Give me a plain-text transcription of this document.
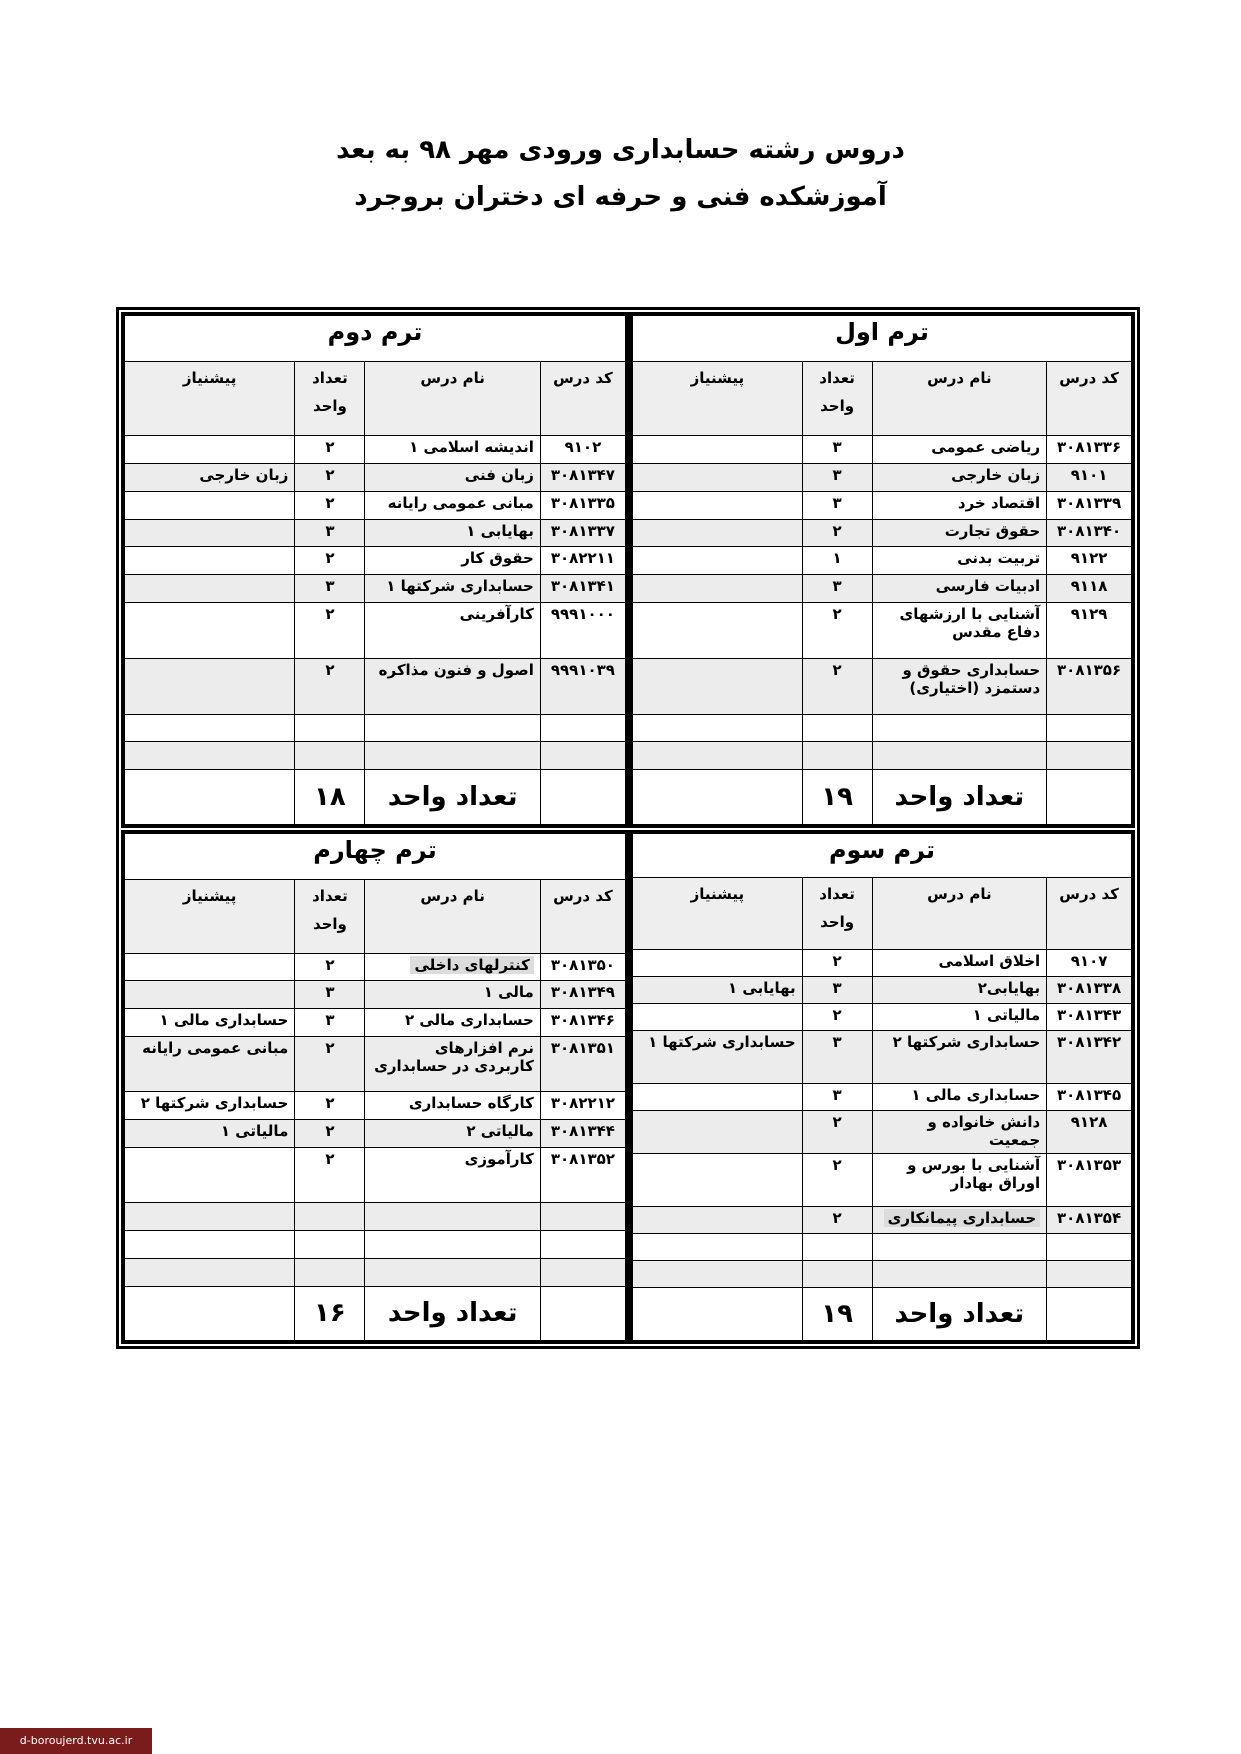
دروس رشته حسابداری ورودی مهر ۹۸ به بعد
آموزشکده فنی و حرفه ای دختران بروجرد
ترم اول			
کد درس	نام درس	تعداد واحد	پیشنیاز
۳۰۸۱۳۳۶	ریاضی عمومی	۳	
۹۱۰۱	زبان خارجی	۳	
۳۰۸۱۳۳۹	اقتصاد خرد	۳	
۳۰۸۱۳۴۰	حقوق تجارت	۲	
۹۱۲۲	تربیت بدنی	۱	
۹۱۱۸	ادبیات فارسی	۳	
۹۱۲۹	آشنایی با ارزشهای دفاع مقدس	۲	
۳۰۸۱۳۵۶	حسابداری حقوق و دستمزد (اختیاری)	۲	

	تعداد واحد	۱۹	
ترم دوم			
کد درس	نام درس	تعداد واحد	پیشنیاز
۹۱۰۲	اندیشه اسلامی ۱	۲	
۳۰۸۱۳۴۷	زبان فنی	۲	زبان خارجی
۳۰۸۱۳۳۵	مبانی عمومی رایانه	۲	
۳۰۸۱۳۳۷	بهایابی ۱	۳	
۳۰۸۲۲۱۱	حقوق کار	۲	
۳۰۸۱۳۴۱	حسابداری شرکتها ۱	۳	
۹۹۹۱۰۰۰	کارآفرینی	۲	
۹۹۹۱۰۳۹	اصول و فنون مذاکره	۲	

	تعداد واحد	۱۸	
ترم سوم			
کد درس	نام درس	تعداد واحد	پیشنیاز
۹۱۰۷	اخلاق اسلامی	۲	
۳۰۸۱۳۳۸	بهایابی۲	۳	بهایابی ۱
۳۰۸۱۳۴۳	مالیاتی ۱	۲	
۳۰۸۱۳۴۲	حسابداری شرکتها ۲	۳	حسابداری شرکتها ۱
۳۰۸۱۳۴۵	حسابداری مالی ۱	۳	
۹۱۲۸	دانش خانواده و جمعیت	۲	
۳۰۸۱۳۵۳	آشنایی با بورس و اوراق بهادار	۲	
۳۰۸۱۳۵۴	حسابداری پیمانکاری	۲	

	تعداد واحد	۱۹	
ترم چهارم			
کد درس	نام درس	تعداد واحد	پیشنیاز
۳۰۸۱۳۵۰	کنترلهای داخلی	۲	
۳۰۸۱۳۴۹	مالی ۱	۳	
۳۰۸۱۳۴۶	حسابداری مالی ۲	۳	حسابداری مالی ۱
۳۰۸۱۳۵۱	نرم افزارهای کاربردی در حسابداری	۲	مبانی عمومی رایانه
۳۰۸۲۲۱۲	کارگاه حسابداری	۲	حسابداری شرکتها ۲
۳۰۸۱۳۴۴	مالیاتی ۲	۲	مالیاتی ۱
۳۰۸۱۳۵۲	کارآموزی	۲	

	تعداد واحد	۱۶	
d-boroujerd.tvu.ac.ir
